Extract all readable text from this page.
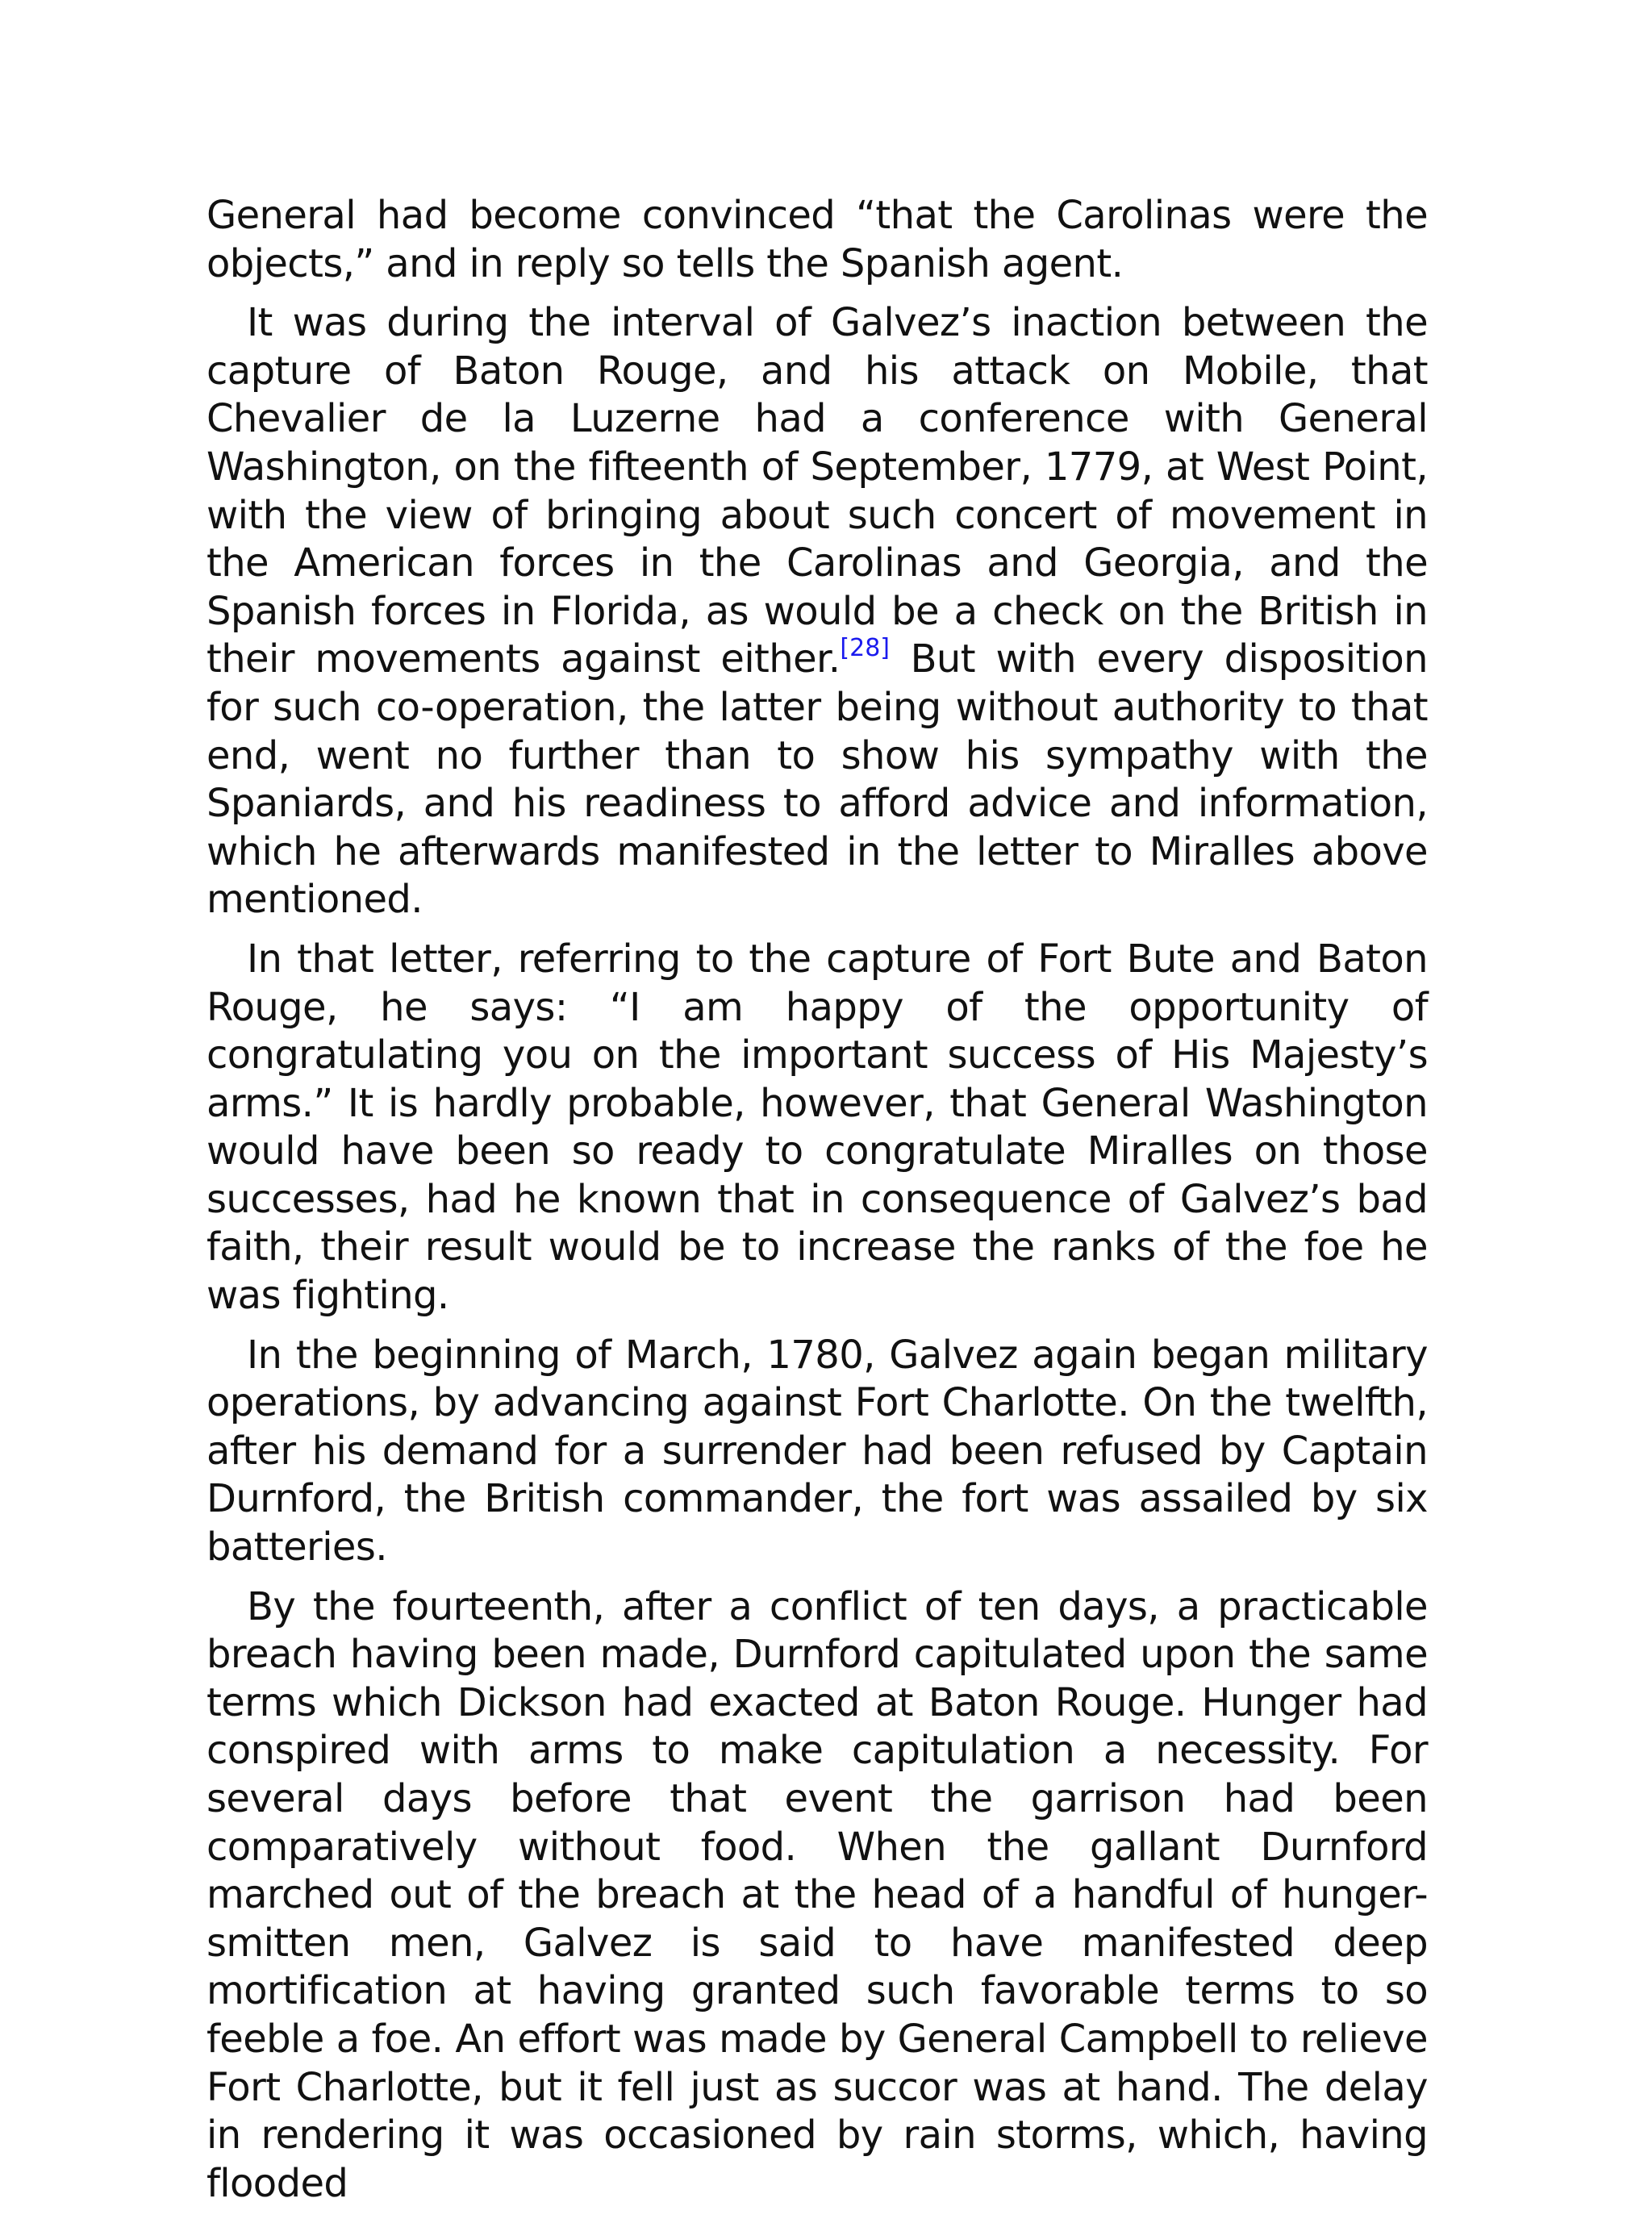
General had become convinced “that the Carolinas were the objects,” and in reply so tells the Spanish agent.

It was during the interval of Galvez’s inaction between the capture of Baton Rouge, and his attack on Mobile, that Chevalier de la Luzerne had a conference with General Washington, on the fifteenth of September, 1779, at West Point, with the view of bringing about such concert of movement in the American forces in the Carolinas and Georgia, and the Spanish forces in Florida, as would be a check on the British in their movements against either.[28] But with every disposition for such co-operation, the latter being without authority to that end, went no further than to show his sympathy with the Spaniards, and his readiness to afford advice and information, which he afterwards manifested in the letter to Miralles above mentioned.

In that letter, referring to the capture of Fort Bute and Baton Rouge, he says: “I am happy of the opportunity of congratulating you on the important success of His Majesty’s arms.” It is hardly probable, however, that General Washington would have been so ready to congratulate Miralles on those successes, had he known that in consequence of Galvez’s bad faith, their result would be to increase the ranks of the foe he was fighting.

In the beginning of March, 1780, Galvez again began military operations, by advancing against Fort Charlotte. On the twelfth, after his demand for a surrender had been refused by Captain Durnford, the British commander, the fort was assailed by six batteries.

By the fourteenth, after a conflict of ten days, a practicable breach having been made, Durnford capitulated upon the same terms which Dickson had exacted at Baton Rouge. Hunger had conspired with arms to make capitulation a necessity. For several days before that event the garrison had been comparatively without food. When the gallant Durnford marched out of the breach at the head of a handful of hunger-smitten men, Galvez is said to have manifested deep mortification at having granted such favorable terms to so feeble a foe. An effort was made by General Campbell to relieve Fort Charlotte, but it fell just as succor was at hand. The delay in rendering it was occasioned by rain storms, which, having flooded
